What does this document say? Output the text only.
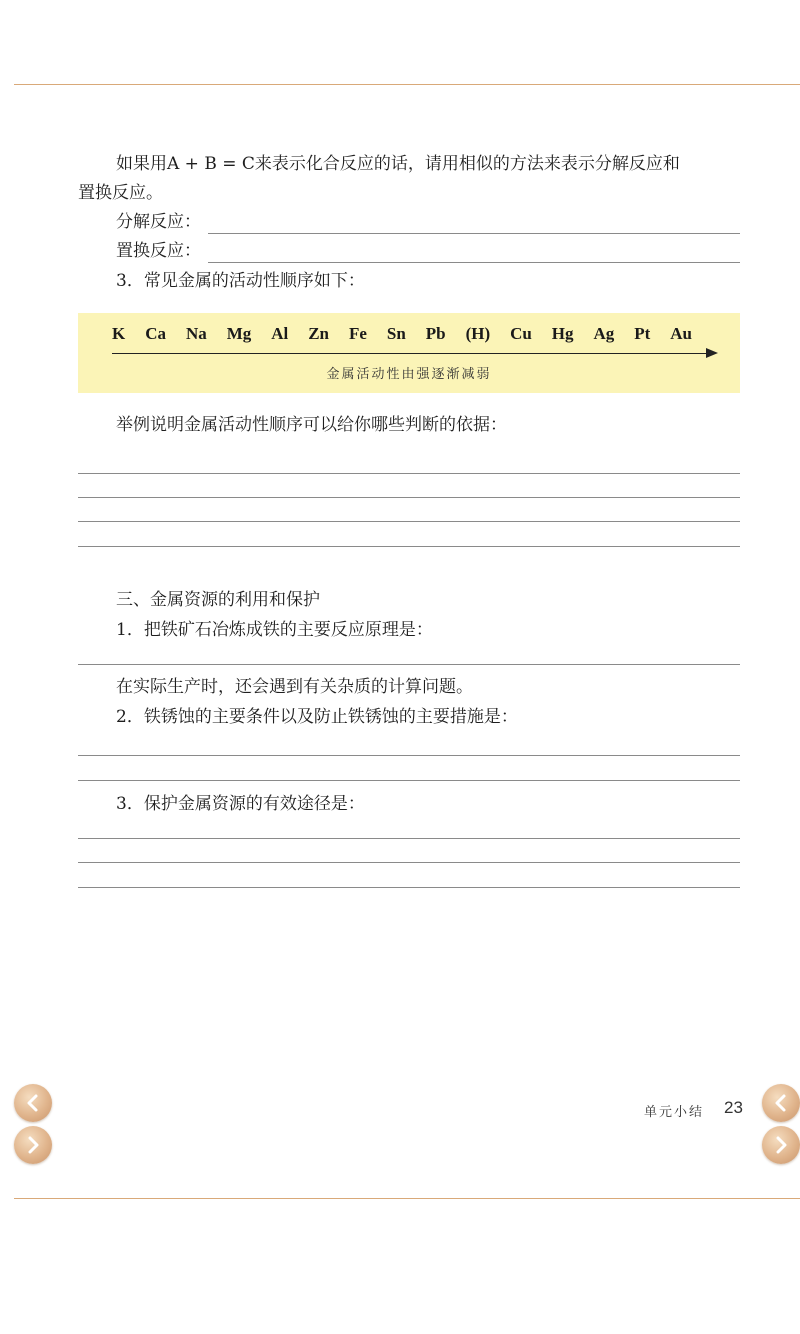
如果用A + B = C来表示化合反应的话，请用相似的方法来表示分解反应和
置换反应。
分解反应：
置换反应：
3．常见金属的活动性顺序如下：
K Ca Na Mg Al Zn Fe Sn Pb (H) Cu Hg Ag Pt Au
金属活动性由强逐渐减弱
举例说明金属活动性顺序可以给你哪些判断的依据：
三、金属资源的利用和保护
1．把铁矿石冶炼成铁的主要反应原理是：
在实际生产时，还会遇到有关杂质的计算问题。
2．铁锈蚀的主要条件以及防止铁锈蚀的主要措施是：
3．保护金属资源的有效途径是：
单元小结 23
